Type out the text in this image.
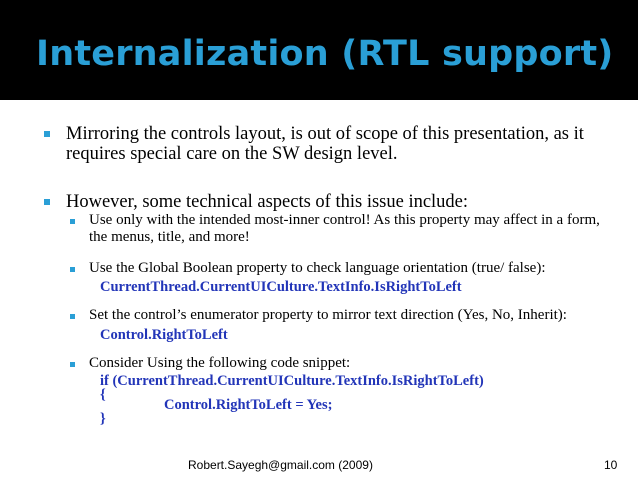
Internalization (RTL support)
Mirroring the controls layout, is out of scope of this presentation, as it requires special care on the SW design level.
However, some technical aspects of this issue include:
Use only with the intended most-inner control! As this property may affect in a form, the menus, title, and more!
Use the Global Boolean property to check language orientation (true/ false):
CurrentThread.CurrentUICulture.TextInfo.IsRightToLeft
Set the control’s enumerator property to mirror text direction (Yes, No, Inherit):
Control.RightToLeft
Consider Using the following code snippet:
if (CurrentThread.CurrentUICulture.TextInfo.IsRightToLeft)
{
Control.RightToLeft = Yes;
}
Robert.Sayegh@gmail.com (2009)	10
